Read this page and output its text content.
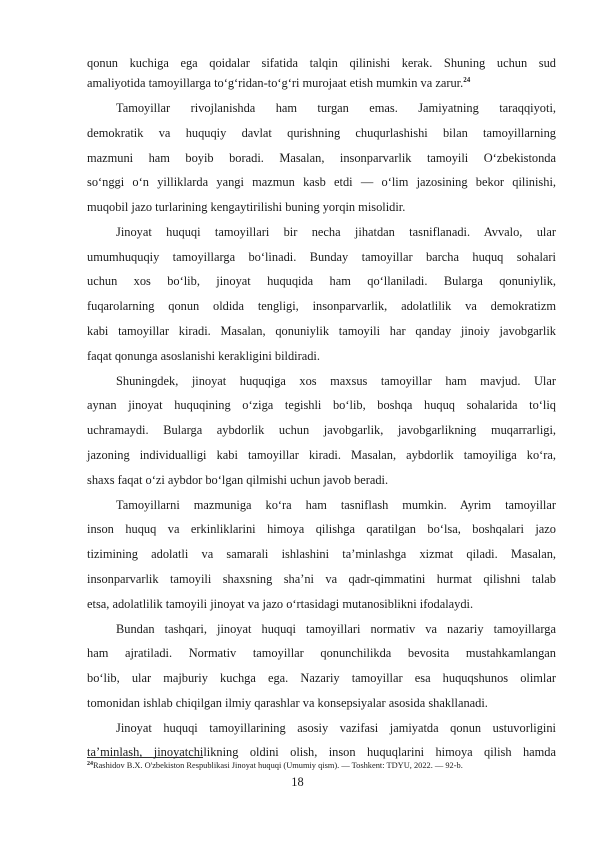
qonun kuchiga ega qoidalar sifatida talqin qilinishi kerak. Shuning uchun sud
amaliyotida tamoyillarga to‘g‘ridan-to‘g‘ri murojaat etish mumkin va zarur.$^{24}$
Tamoyillar rivojlanishda ham turgan emas. Jamiyatning taraqqiyoti,
demokratik va huquqiy davlat qurishning chuqurlashishi bilan tamoyillarning
mazmuni ham boyib boradi. Masalan, insonparvarlik tamoyili O‘zbekistonda
so‘nggi o‘n yilliklarda yangi mazmun kasb etdi — o‘lim jazosining bekor qilinishi,
muqobil jazo turlarining kengaytirilishi buning yorqin misolidir.
Jinoyat huquqi tamoyillari bir necha jihatdan tasniflanadi. Avvalo, ular
umumhuquqiy tamoyillarga bo‘linadi. Bunday tamoyillar barcha huquq sohalari
uchun xos bo‘lib, jinoyat huquqida ham qo‘llaniladi. Bularga qonuniylik,
fuqarolarning qonun oldida tengligi, insonparvarlik, adolatlilik va demokratizm
kabi tamoyillar kiradi. Masalan, qonuniylik tamoyili har qanday jinoiy javobgarlik
faqat qonunga asoslanishi kerakligini bildiradi.
Shuningdek, jinoyat huquqiga xos maxsus tamoyillar ham mavjud. Ular
aynan jinoyat huquqining o‘ziga tegishli bo‘lib, boshqa huquq sohalarida to‘liq
uchramaydi. Bularga aybdorlik uchun javobgarlik, javobgarlikning muqarrarligi,
jazoning individualligi kabi tamoyillar kiradi. Masalan, aybdorlik tamoyiliga ko‘ra,
shaxs faqat o‘zi aybdor bo‘lgan qilmishi uchun javob beradi.
Tamoyillarni mazmuniga ko‘ra ham tasniflash mumkin. Ayrim tamoyillar
inson huquq va erkinliklarini himoya qilishga qaratilgan bo‘lsa, boshqalari jazo
tizimining adolatli va samarali ishlashini ta’minlashga xizmat qiladi. Masalan,
insonparvarlik tamoyili shaxsning sha’ni va qadr-qimmatini hurmat qilishni talab
etsa, adolatlilik tamoyili jinoyat va jazo o‘rtasidagi mutanosiblikni ifodalaydi.
Bundan tashqari, jinoyat huquqi tamoyillari normativ va nazariy tamoyillarga
ham ajratiladi. Normativ tamoyillar qonunchilikda bevosita mustahkamlangan
bo‘lib, ular majburiy kuchga ega. Nazariy tamoyillar esa huquqshunos olimlar
tomonidan ishlab chiqilgan ilmiy qarashlar va konsepsiyalar asosida shakllanadi.
Jinoyat huquqi tamoyillarining asosiy vazifasi jamiyatda qonun ustuvorligini
ta’minlash, jinoyatchilikning oldini olish, inson huquqlarini himoya qilish hamda
$^{24}$Rashidov B.X. O'zbekiston Respublikasi Jinoyat huquqi (Umumiy qism). — Toshkent: TDYU, 2022. — 92-b.
18
